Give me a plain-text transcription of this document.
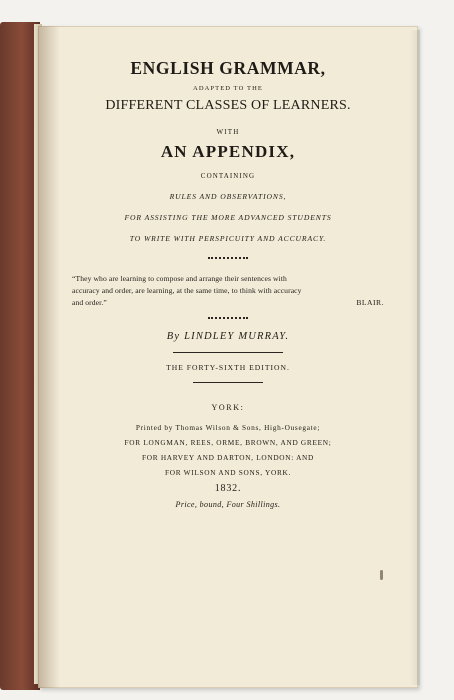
ENGLISH GRAMMAR,
ADAPTED TO THE
DIFFERENT CLASSES OF LEARNERS.
WITH
AN APPENDIX,
CONTAINING
RULES AND OBSERVATIONS,
FOR ASSISTING THE MORE ADVANCED STUDENTS
TO WRITE WITH PERSPICUITY AND ACCURACY.
“They who are learning to compose and arrange their sentences with
accuracy and order, are learning, at the same time, to think with accuracy
and order.”	BLAIR.
By LINDLEY MURRAY.
THE FORTY-SIXTH EDITION.
YORK:
Printed by Thomas Wilson & Sons, High-Ousegate;
FOR LONGMAN, REES, ORME, BROWN, AND GREEN;
FOR HARVEY AND DARTON, LONDON: AND
FOR WILSON AND SONS, YORK.
1832.
Price, bound, Four Shillings.
